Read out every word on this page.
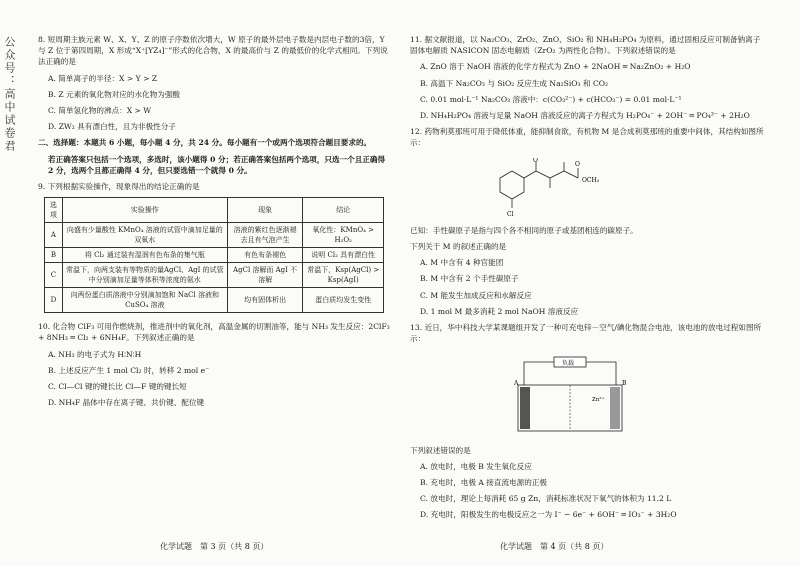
公众号：高中试卷君	8. 短周期主族元素 W、X、Y、Z 的原子序数依次增大，W 原子的最外层电子数是内层电子数的3倍，Y 与 Z 位于第四周期，X 形成“X⁺[YZ₄]⁻”形式的化合物，X 的最高价与 Z 的最低价的化学式相同。下列说法正确的是

A. 简单离子的半径：X > Y > Z

B. Z 元素的氧化物对应的水化物为强酸

C. 简单氢化物的沸点：X > W

D. ZW₂ 具有漂白性，且为非极性分子

二、选择题：本题共 6 小题，每小题 4 分，共 24 分。每小题有一个或两个选项符合题目要求的。

若正确答案只包括一个选项，多选时，该小题得 0 分；若正确答案包括两个选项，只选一个且正确得 2 分，选两个且都正确得 4 分，但只要选错一个就得 0 分。

9. 下列根据实验操作，现象得出的结论正确的是

选项	实验操作	现象	结论
A	向盛有少量酸性 KMnO₄ 溶液的试管中滴加足量的双氧水	溶液的紫红色逐渐褪去且有气泡产生	氧化性：KMnO₄ > H₂O₂
B	将 Cl₂ 通过装有湿润有色布条的集气瓶	有色布条褪色	说明 Cl₂ 具有漂白性
C	常温下，向两支装有等物质的量AgCl、AgI 的试管中分别滴加足量等体积等浓度的氨水	AgCl 溶解而 AgI 不溶解	常温下，Ksp(AgCl) > Ksp(AgI)
D	向两份蛋白质溶液中分别滴加饱和 NaCl 溶液和 CuSO₄ 溶液	均有固体析出	蛋白质均发生变性

10. 化合物 ClF₃ 可用作燃烧剂，推进剂中的氧化剂，高温金属的切割油等，能与 NH₃ 发生反应：2ClF₃ + 8NH₃ ═ Cl₂ + 6NH₄F。下列叙述正确的是

A. NH₃ 的电子式为 H∶N∶H

B. 上述反应产生 1 mol Cl₂ 时，转移 2 mol e⁻

C. Cl—Cl 键的键长比 Cl—F 键的键长短

D. NH₄F 晶体中存在离子键、共价键、配位键

化学试题　第 3 页（共 8 页）

11. 据文献报道，以 Na₂CO₃、ZrO₂、ZnO、SiO₂ 和 NH₄H₂PO₄ 为原料，通过固相反应可制备钠离子固体电解质 NASICON 固态电解质（ZrO₂ 为两性化合物）。下列叙述错误的是

A. ZnO 溶于 NaOH 溶液的化学方程式为 ZnO + 2NaOH ═ Na₂ZnO₂ + H₂O

B. 高温下 Na₂CO₃ 与 SiO₂ 反应生成 Na₂SiO₃ 和 CO₂

C. 0.01 mol·L⁻¹ Na₂CO₃ 溶液中：c(CO₃²⁻) + c(HCO₃⁻) = 0.01 mol·L⁻¹

D. NH₄H₂PO₄ 溶液与足量 NaOH 溶液反应的离子方程式为 H₂PO₄⁻ + 2OH⁻ ═ PO₄³⁻ + 2H₂O

12. 药物利莫那班可用于降低体重，能抑制食欲，有机物 M 是合成利莫那班的重要中间体，其结构如图所示：

Cl
O
O
OCH₃

已知：手性碳原子是指与四个各不相同的原子或基团相连的碳原子。

下列关于 M 的叙述正确的是

A. M 中含有 4 种官能团

B. M 中含有 2 个手性碳原子

C. M 能发生加成反应和水解反应

D. 1 mol M 最多消耗 2 mol NaOH 溶液反应

13. 近日，华中科技大学某课题组开发了一种可充电锌－空气/碘化物混合电池，该电池的放电过程如图所示：

负载
A	B
Zn²⁺

下列叙述错误的是

A. 放电时，电极 B 发生氧化反应

B. 充电时，电极 A 接直流电源的正极

C. 放电时，理论上每消耗 65 g Zn，消耗标准状况下氧气的体积为 11.2 L

D. 充电时，阳极发生的电极反应之一为 I⁻ − 6e⁻ + 6OH⁻ ═ IO₃⁻ + 3H₂O

化学试题　第 4 页（共 8 页）
